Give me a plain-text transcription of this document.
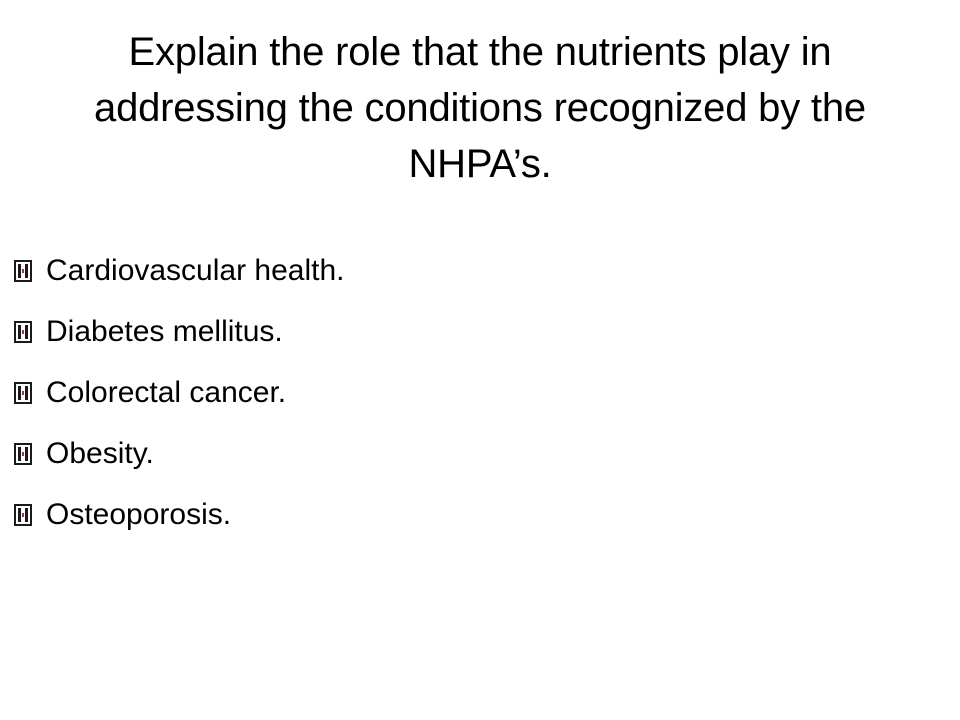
Explain the role that the nutrients play in addressing the conditions recognized by the NHPA’s.
Cardiovascular health.
Diabetes mellitus.
Colorectal cancer.
Obesity.
Osteoporosis.
